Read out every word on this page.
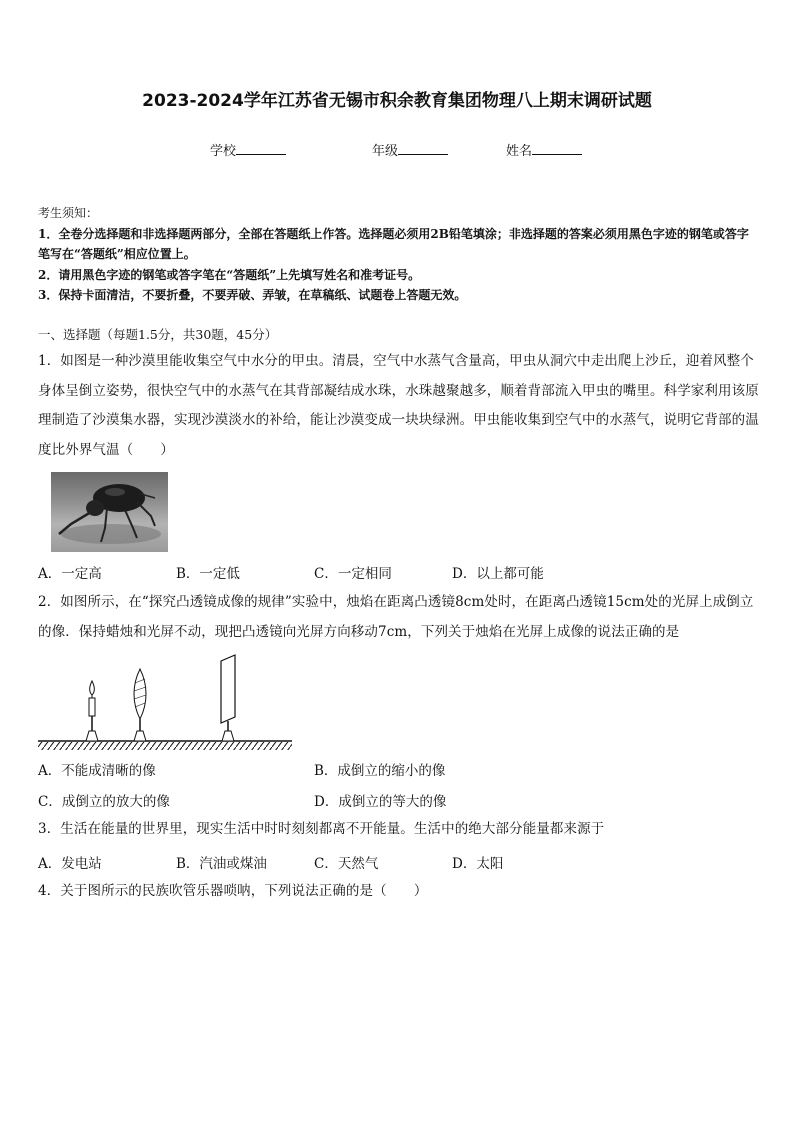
2023-2024学年江苏省无锡市积余教育集团物理八上期末调研试题
学校	年级	姓名
考生须知：
1．全卷分选择题和非选择题两部分，全部在答题纸上作答。选择题必须用2B铅笔填涂；非选择题的答案必须用黑色字迹的钢笔或答字笔写在“答题纸”相应位置上。
2．请用黑色字迹的钢笔或答字笔在“答题纸”上先填写姓名和准考证号。
3．保持卡面清洁，不要折叠，不要弄破、弄皱，在草稿纸、试题卷上答题无效。
一、选择题（每题1.5分，共30题，45分）
1．如图是一种沙漠里能收集空气中水分的甲虫。清晨，空气中水蒸气含量高，甲虫从洞穴中走出爬上沙丘，迎着风整个身体呈倒立姿势，很快空气中的水蒸气在其背部凝结成水珠，水珠越聚越多，顺着背部流入甲虫的嘴里。科学家利用该原理制造了沙漠集水器，实现沙漠淡水的补给，能让沙漠变成一块块绿洲。甲虫能收集到空气中的水蒸气，说明它背部的温度比外界气温（　　）
A．一定高	B．一定低	C．一定相同	D．以上都可能
2．如图所示，在“探究凸透镜成像的规律”实验中，烛焰在距离凸透镜8cm处时，在距离凸透镜15cm处的光屏上成倒立的像．保持蜡烛和光屏不动，现把凸透镜向光屏方向移动7cm，下列关于烛焰在光屏上成像的说法正确的是
A．不能成清晰的像	B．成倒立的缩小的像
C．成倒立的放大的像	D．成倒立的等大的像
3．生活在能量的世界里，现实生活中时时刻刻都离不开能量。生活中的绝大部分能量都来源于
A．发电站	B．汽油或煤油	C．天然气	D．太阳
4．关于图所示的民族吹管乐器唢呐，下列说法正确的是（　　）
